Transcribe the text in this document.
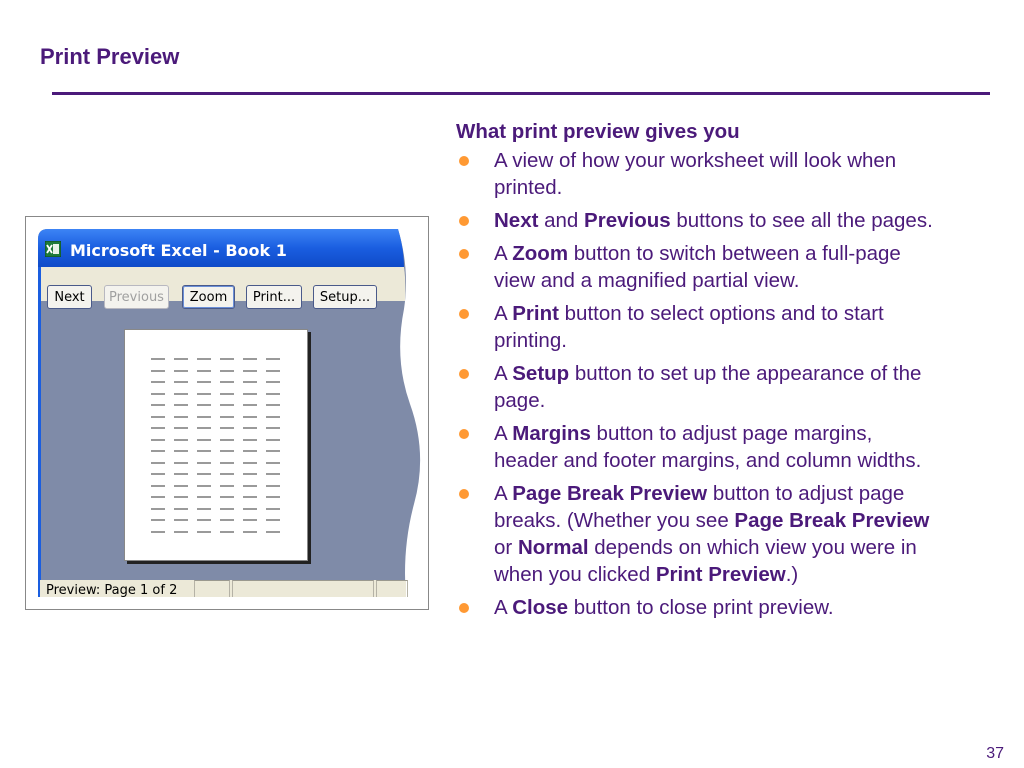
Print Preview
Microsoft Excel - Book 1
Next	Previous	Zoom	Print...	Setup...
Preview: Page 1 of 2
What print preview gives you
A view of how your worksheet will look when printed.
Next and Previous buttons to see all the pages.
A Zoom button to switch between a full-page view and a magnified partial view.
A Print button to select options and to start printing.
A Setup button to set up the appearance of the page.
A Margins button to adjust page margins, header and footer margins, and column widths.
A Page Break Preview button to adjust page breaks. (Whether you see Page Break Preview or Normal depends on which view you were in when you clicked Print Preview.)
A Close button to close print preview.
37
